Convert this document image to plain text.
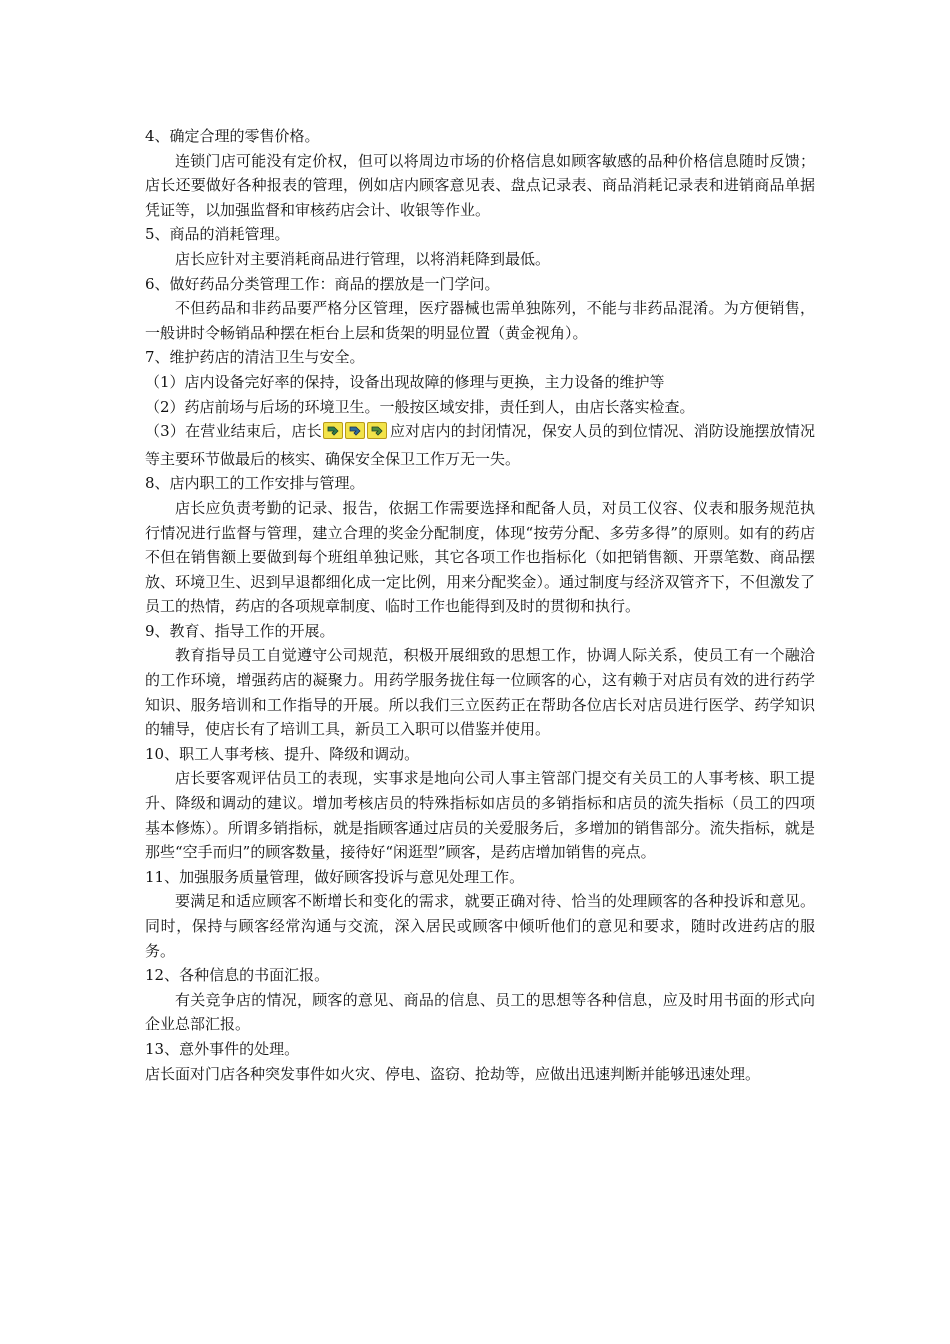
4、确定合理的零售价格。

连锁门店可能没有定价权，但可以将周边市场的价格信息如顾客敏感的品种价格信息随时反馈；店长还要做好各种报表的管理，例如店内顾客意见表、盘点记录表、商品消耗记录表和进销商品单据凭证等，以加强监督和审核药店会计、收银等作业。

5、商品的消耗管理。

店长应针对主要消耗商品进行管理，以将消耗降到最低。

6、做好药品分类管理工作：商品的摆放是一门学问。

不但药品和非药品要严格分区管理，医疗器械也需单独陈列，不能与非药品混淆。为方便销售，一般讲时令畅销品种摆在柜台上层和货架的明显位置（黄金视角）。

7、维护药店的清洁卫生与安全。

（1）店内设备完好率的保持，设备出现故障的修理与更换，主力设备的维护等

（2）药店前场与后场的环境卫生。一般按区域安排，责任到人，由店长落实检查。

（3）在营业结束后，店长	应对店内的封闭情况，保安人员的到位情况、消防设施摆放情况等主要环节做最后的核实、确保安全保卫工作万无一失。

8、店内职工的工作安排与管理。

店长应负责考勤的记录、报告，依据工作需要选择和配备人员，对员工仪容、仪表和服务规范执行情况进行监督与管理，建立合理的奖金分配制度，体现“按劳分配、多劳多得”的原则。如有的药店不但在销售额上要做到每个班组单独记账，其它各项工作也指标化（如把销售额、开票笔数、商品摆放、环境卫生、迟到早退都细化成一定比例，用来分配奖金）。通过制度与经济双管齐下，不但激发了员工的热情，药店的各项规章制度、临时工作也能得到及时的贯彻和执行。

9、教育、指导工作的开展。

教育指导员工自觉遵守公司规范，积极开展细致的思想工作，协调人际关系，使员工有一个融洽的工作环境，增强药店的凝聚力。用药学服务拢住每一位顾客的心，这有赖于对店员有效的进行药学知识、服务培训和工作指导的开展。所以我们三立医药正在帮助各位店长对店员进行医学、药学知识的辅导，使店长有了培训工具，新员工入职可以借鉴并使用。

10、职工人事考核、提升、降级和调动。

店长要客观评估员工的表现，实事求是地向公司人事主管部门提交有关员工的人事考核、职工提升、降级和调动的建议。增加考核店员的特殊指标如店员的多销指标和店员的流失指标（员工的四项基本修炼）。所谓多销指标，就是指顾客通过店员的关爱服务后，多增加的销售部分。流失指标，就是那些“空手而归”的顾客数量，接待好“闲逛型”顾客，是药店增加销售的亮点。

11、加强服务质量管理，做好顾客投诉与意见处理工作。

要满足和适应顾客不断增长和变化的需求，就要正确对待、恰当的处理顾客的各种投诉和意见。同时，保持与顾客经常沟通与交流，深入居民或顾客中倾听他们的意见和要求，随时改进药店的服务。

12、各种信息的书面汇报。

有关竞争店的情况，顾客的意见、商品的信息、员工的思想等各种信息，应及时用书面的形式向企业总部汇报。

13、意外事件的处理。

店长面对门店各种突发事件如火灾、停电、盗窃、抢劫等，应做出迅速判断并能够迅速处理。
